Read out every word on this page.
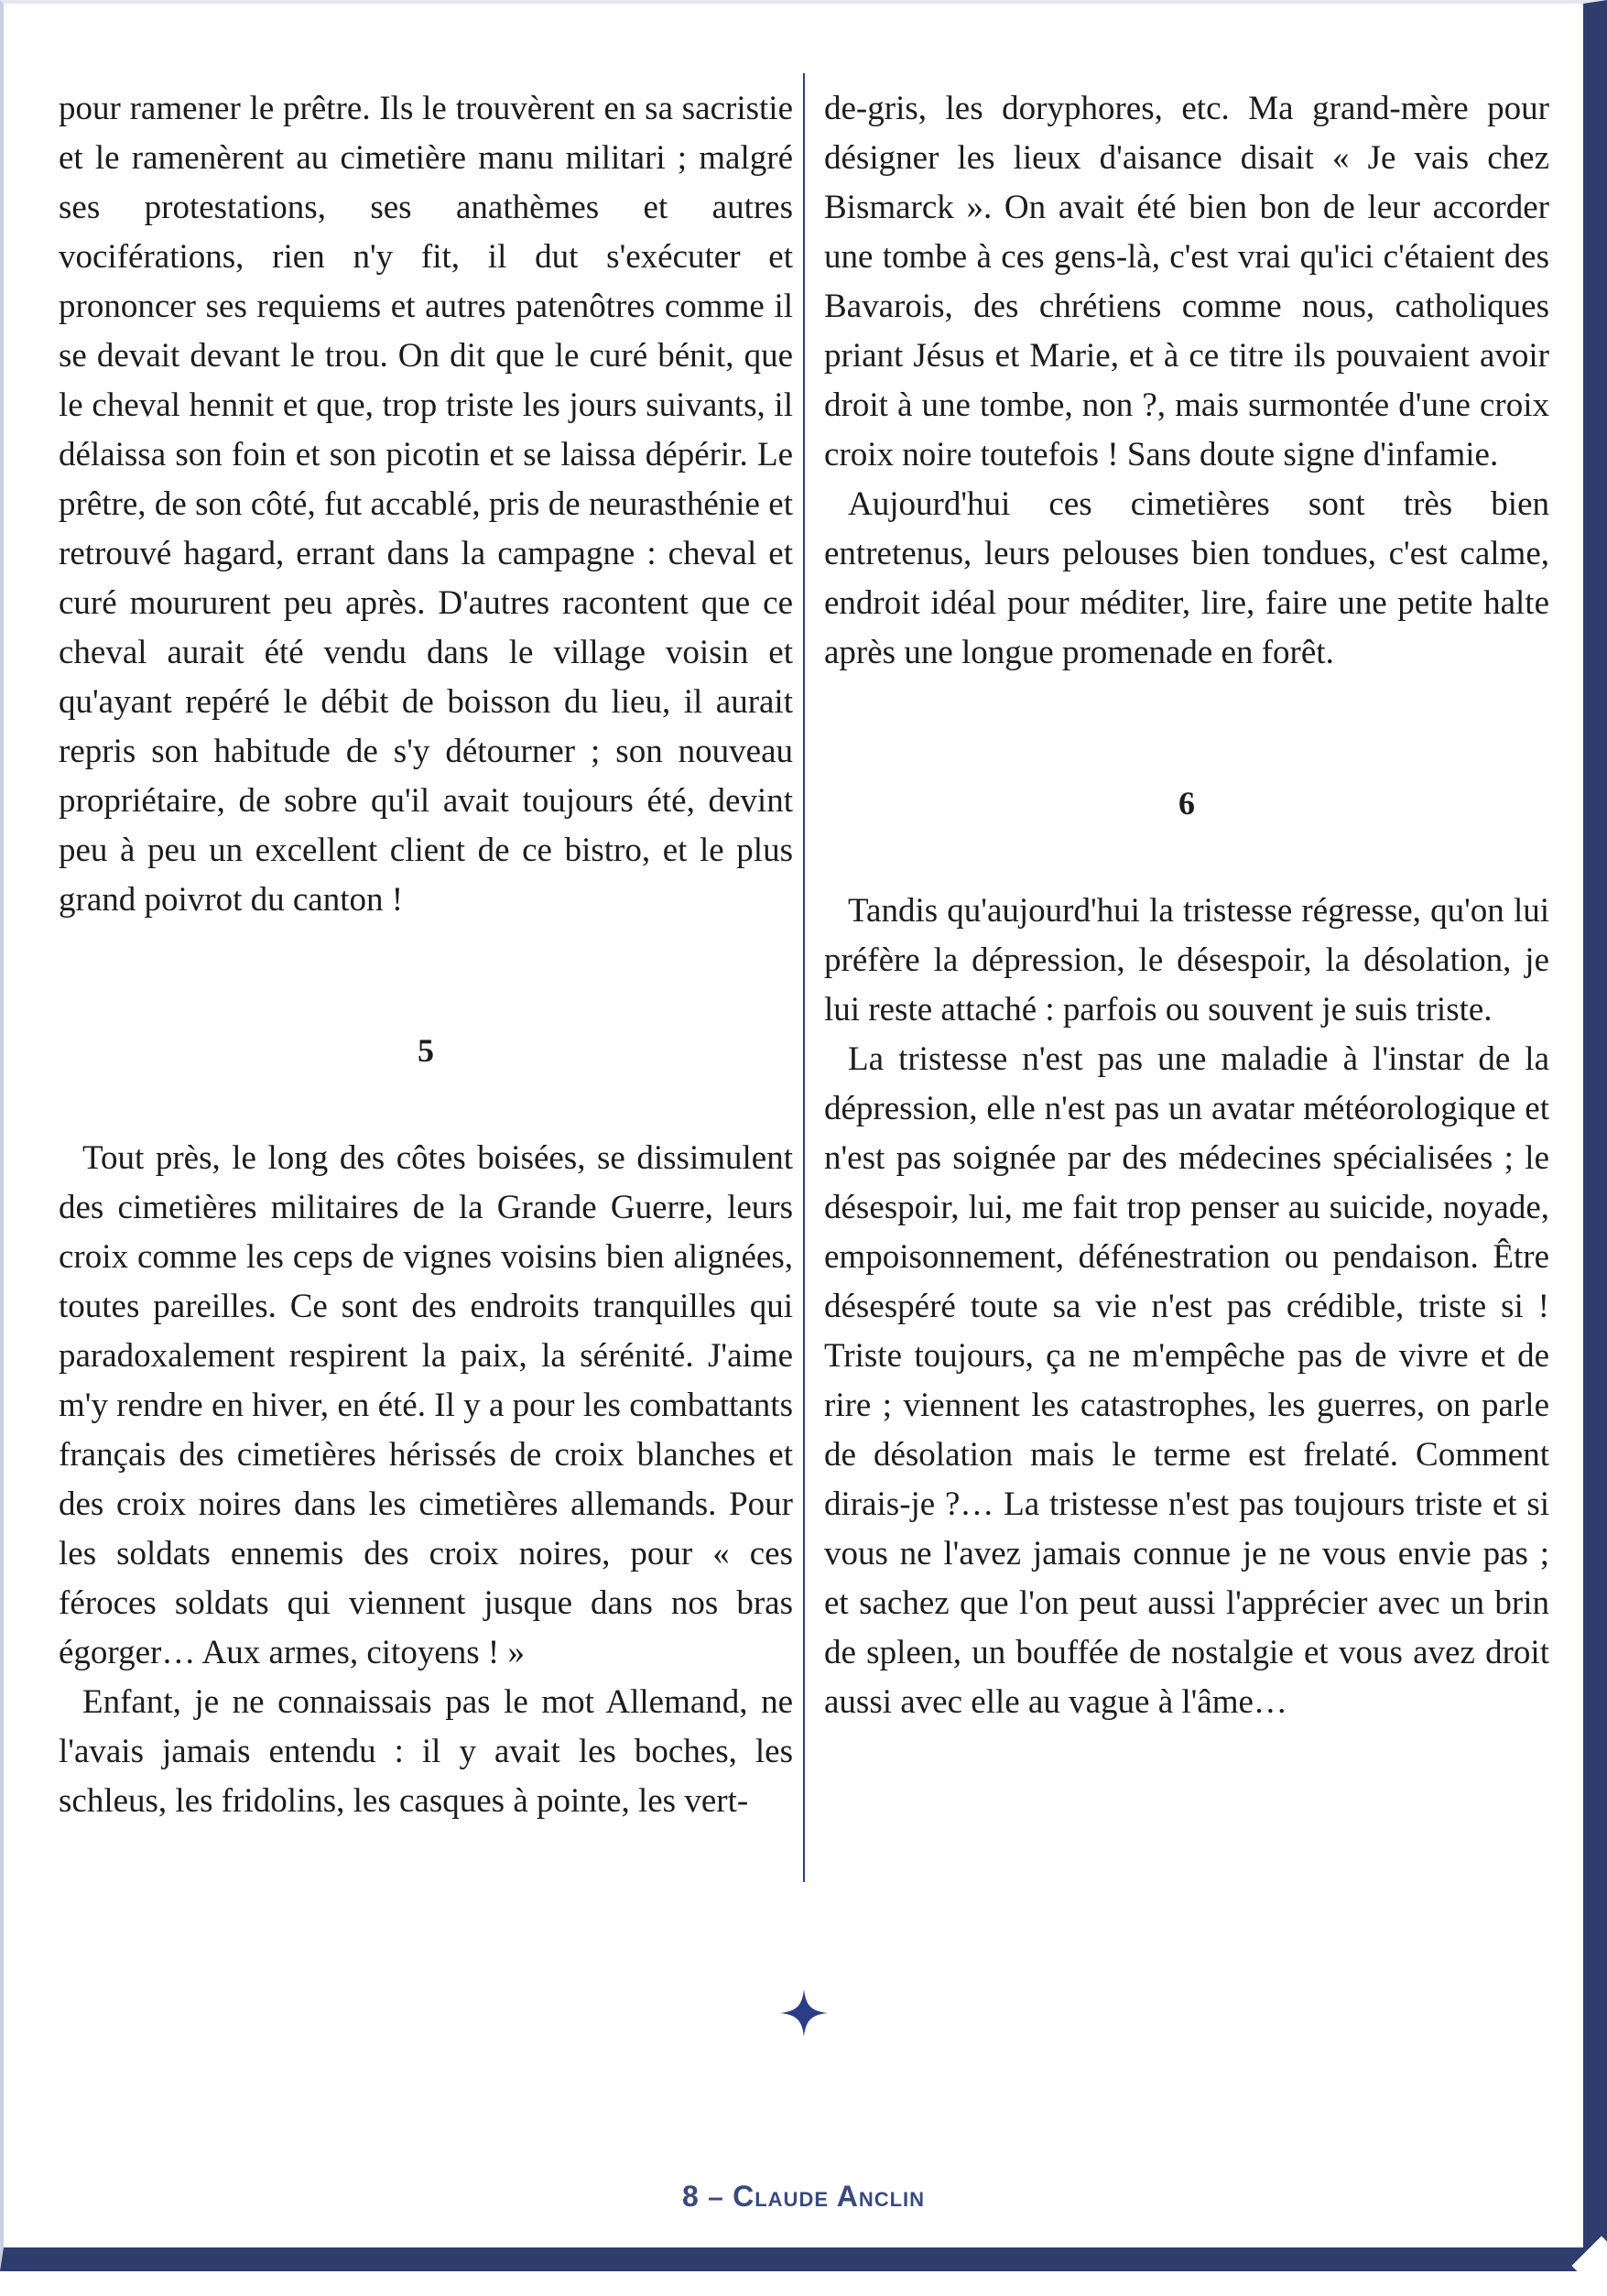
pour ramener le prêtre. Ils le trouvèrent en sa sacristie et le ramenèrent au cimetière manu militari ; malgré ses protestations, ses anathèmes et autres vociférations, rien n'y fit, il dut s'exécuter et prononcer ses requiems et autres patenôtres comme il se devait devant le trou. On dit que le curé bénit, que le cheval hennit et que, trop triste les jours suivants, il délaissa son foin et son picotin et se laissa dépérir. Le prêtre, de son côté, fut accablé, pris de neurasthénie et retrouvé hagard, errant dans la campagne : cheval et curé moururent peu après. D'autres racontent que ce cheval aurait été vendu dans le village voisin et qu'ayant repéré le débit de boisson du lieu, il aurait repris son habitude de s'y détourner ; son nouveau propriétaire, de sobre qu'il avait toujours été, devint peu à peu un excellent client de ce bistro, et le plus grand poivrot du canton !

5

Tout près, le long des côtes boisées, se dissimulent des cimetières militaires de la Grande Guerre, leurs croix comme les ceps de vignes voisins bien alignées, toutes pareilles. Ce sont des endroits tranquilles qui paradoxalement respirent la paix, la sérénité. J'aime m'y rendre en hiver, en été. Il y a pour les combattants français des cimetières hérissés de croix blanches et des croix noires dans les cimetières allemands. Pour les soldats ennemis des croix noires, pour « ces féroces soldats qui viennent jusque dans nos bras égorger… Aux armes, citoyens ! »

Enfant, je ne connaissais pas le mot Allemand, ne l'avais jamais entendu : il y avait les boches, les schleus, les fridolins, les casques à pointe, les vert-

de-gris, les doryphores, etc. Ma grand-mère pour désigner les lieux d'aisance disait « Je vais chez Bismarck ». On avait été bien bon de leur accorder une tombe à ces gens-là, c'est vrai qu'ici c'étaient des Bavarois, des chrétiens comme nous, catholiques priant Jésus et Marie, et à ce titre ils pouvaient avoir droit à une tombe, non ?, mais surmontée d'une croix croix noire toutefois ! Sans doute signe d'infamie.

Aujourd'hui ces cimetières sont très bien entretenus, leurs pelouses bien tondues, c'est calme, endroit idéal pour méditer, lire, faire une petite halte après une longue promenade en forêt.

6

Tandis qu'aujourd'hui la tristesse régresse, qu'on lui préfère la dépression, le désespoir, la désolation, je lui reste attaché : parfois ou souvent je suis triste.

La tristesse n'est pas une maladie à l'instar de la dépression, elle n'est pas un avatar météorologique et n'est pas soignée par des médecines spécialisées ; le désespoir, lui, me fait trop penser au suicide, noyade, empoisonnement, défénestration ou pendaison. Être désespéré toute sa vie n'est pas crédible, triste si ! Triste toujours, ça ne m'empêche pas de vivre et de rire ; viennent les catastrophes, les guerres, on parle de désolation mais le terme est frelaté. Comment dirais-je ?… La tristesse n'est pas toujours triste et si vous ne l'avez jamais connue je ne vous envie pas ; et sachez que l'on peut aussi l'apprécier avec un brin de spleen, un bouffée de nostalgie et vous avez droit aussi avec elle au vague à l'âme…

8 – Claude Anclin
